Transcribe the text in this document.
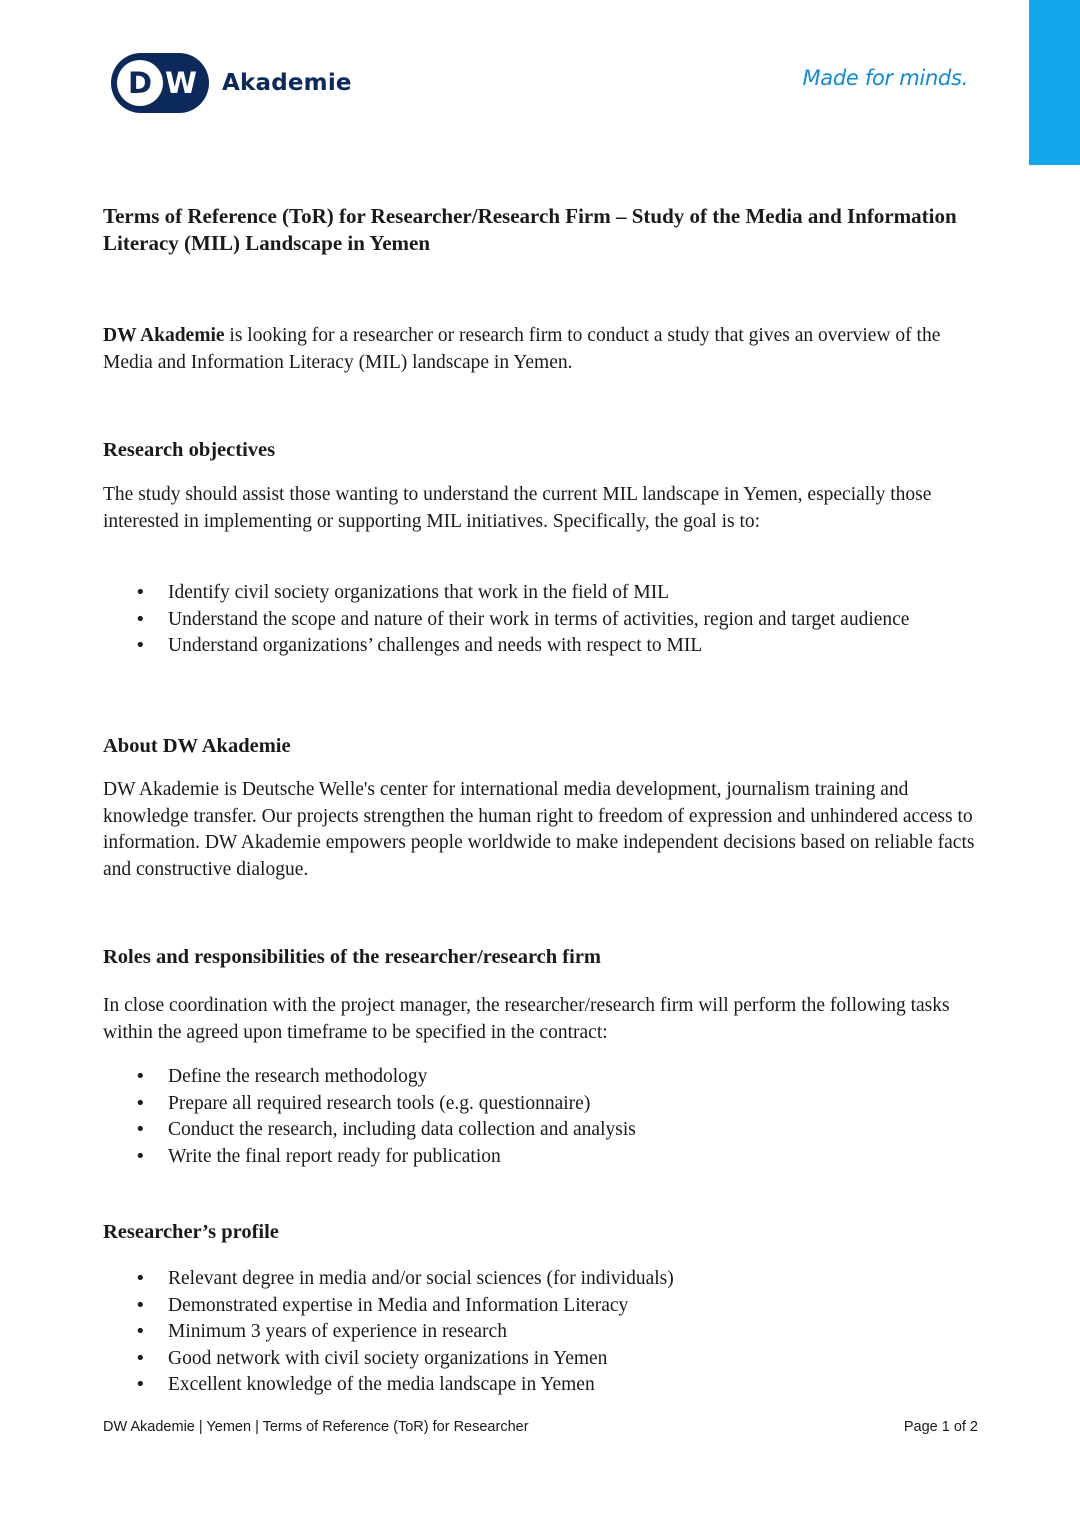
D W Akademie	Made for minds.
Terms of Reference (ToR) for Researcher/Research Firm – Study of the Media and Information Literacy (MIL) Landscape in Yemen

DW Akademie is looking for a researcher or research firm to conduct a study that gives an overview of the Media and Information Literacy (MIL) landscape in Yemen.

Research objectives

The study should assist those wanting to understand the current MIL landscape in Yemen, especially those interested in implementing or supporting MIL initiatives. Specifically, the goal is to:

• Identify civil society organizations that work in the field of MIL
• Understand the scope and nature of their work in terms of activities, region and target audience
• Understand organizations’ challenges and needs with respect to MIL
About DW Akademie

DW Akademie is Deutsche Welle's center for international media development, journalism training and knowledge transfer. Our projects strengthen the human right to freedom of expression and unhindered access to information. DW Akademie empowers people worldwide to make independent decisions based on reliable facts and constructive dialogue.

Roles and responsibilities of the researcher/research firm

In close coordination with the project manager, the researcher/research firm will perform the following tasks within the agreed upon timeframe to be specified in the contract:

• Define the research methodology
• Prepare all required research tools (e.g. questionnaire)
• Conduct the research, including data collection and analysis
• Write the final report ready for publication
Researcher’s profile
• Relevant degree in media and/or social sciences (for individuals)
• Demonstrated expertise in Media and Information Literacy
• Minimum 3 years of experience in research
• Good network with civil society organizations in Yemen
• Excellent knowledge of the media landscape in Yemen
DW Akademie | Yemen | Terms of Reference (ToR) for Researcher	Page 1 of 2
